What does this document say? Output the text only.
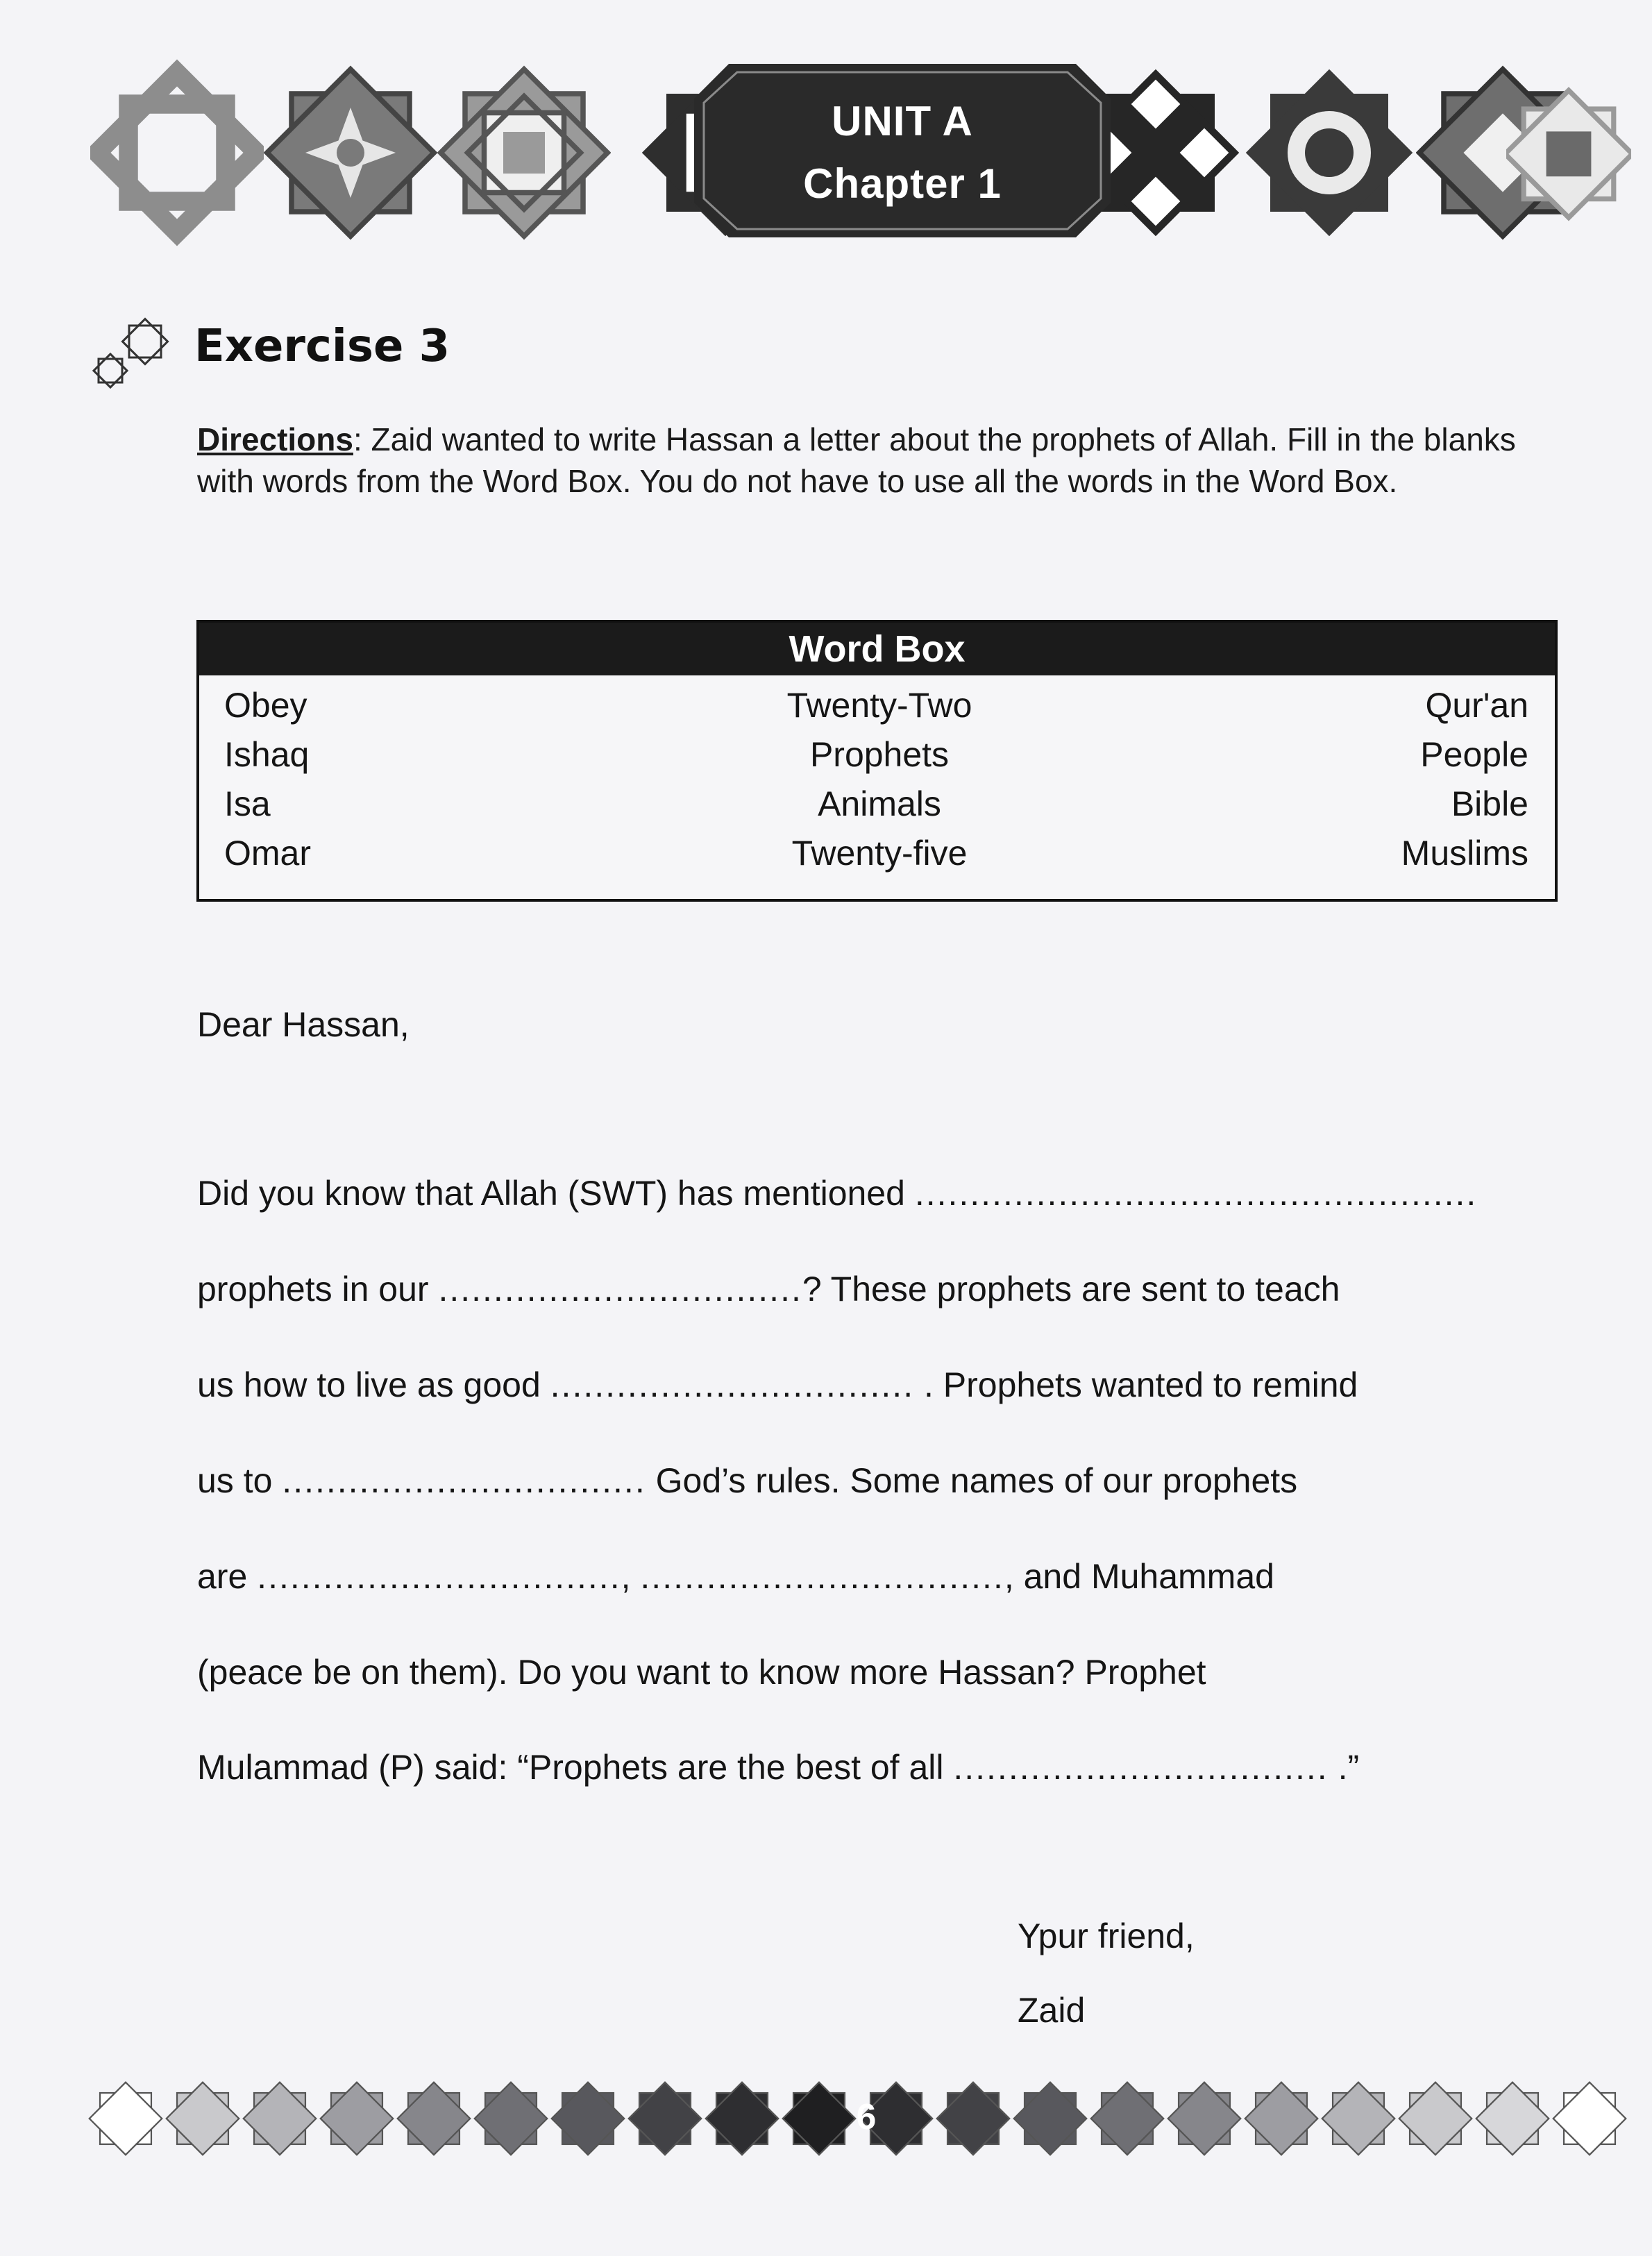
UNIT A
Chapter 1
Exercise 3
Directions: Zaid wanted to write Hassan a letter about the prophets of Allah. Fill in the blanks with words from the Word Box. You do not have to use all the words in the Word Box.
Word Box
Obey
Ishaq
Isa
Omar
Twenty-Two
Prophets
Animals
Twenty-five
Qur'an
People
Bible
Muslims
Dear Hassan,
Did you know that Allah (SWT) has mentioned ...................................................
prophets in our .................................? These prophets are sent to teach
us how to live as good ................................. . Prophets wanted to remind
us to ................................. God’s rules. Some names of our prophets
are ................................., ................................., and Muhammad
(peace be on them). Do you want to know more Hassan? Prophet
Mulammad (P) said: “Prophets are the best of all .................................. .”
Ypur friend,
Zaid
6
